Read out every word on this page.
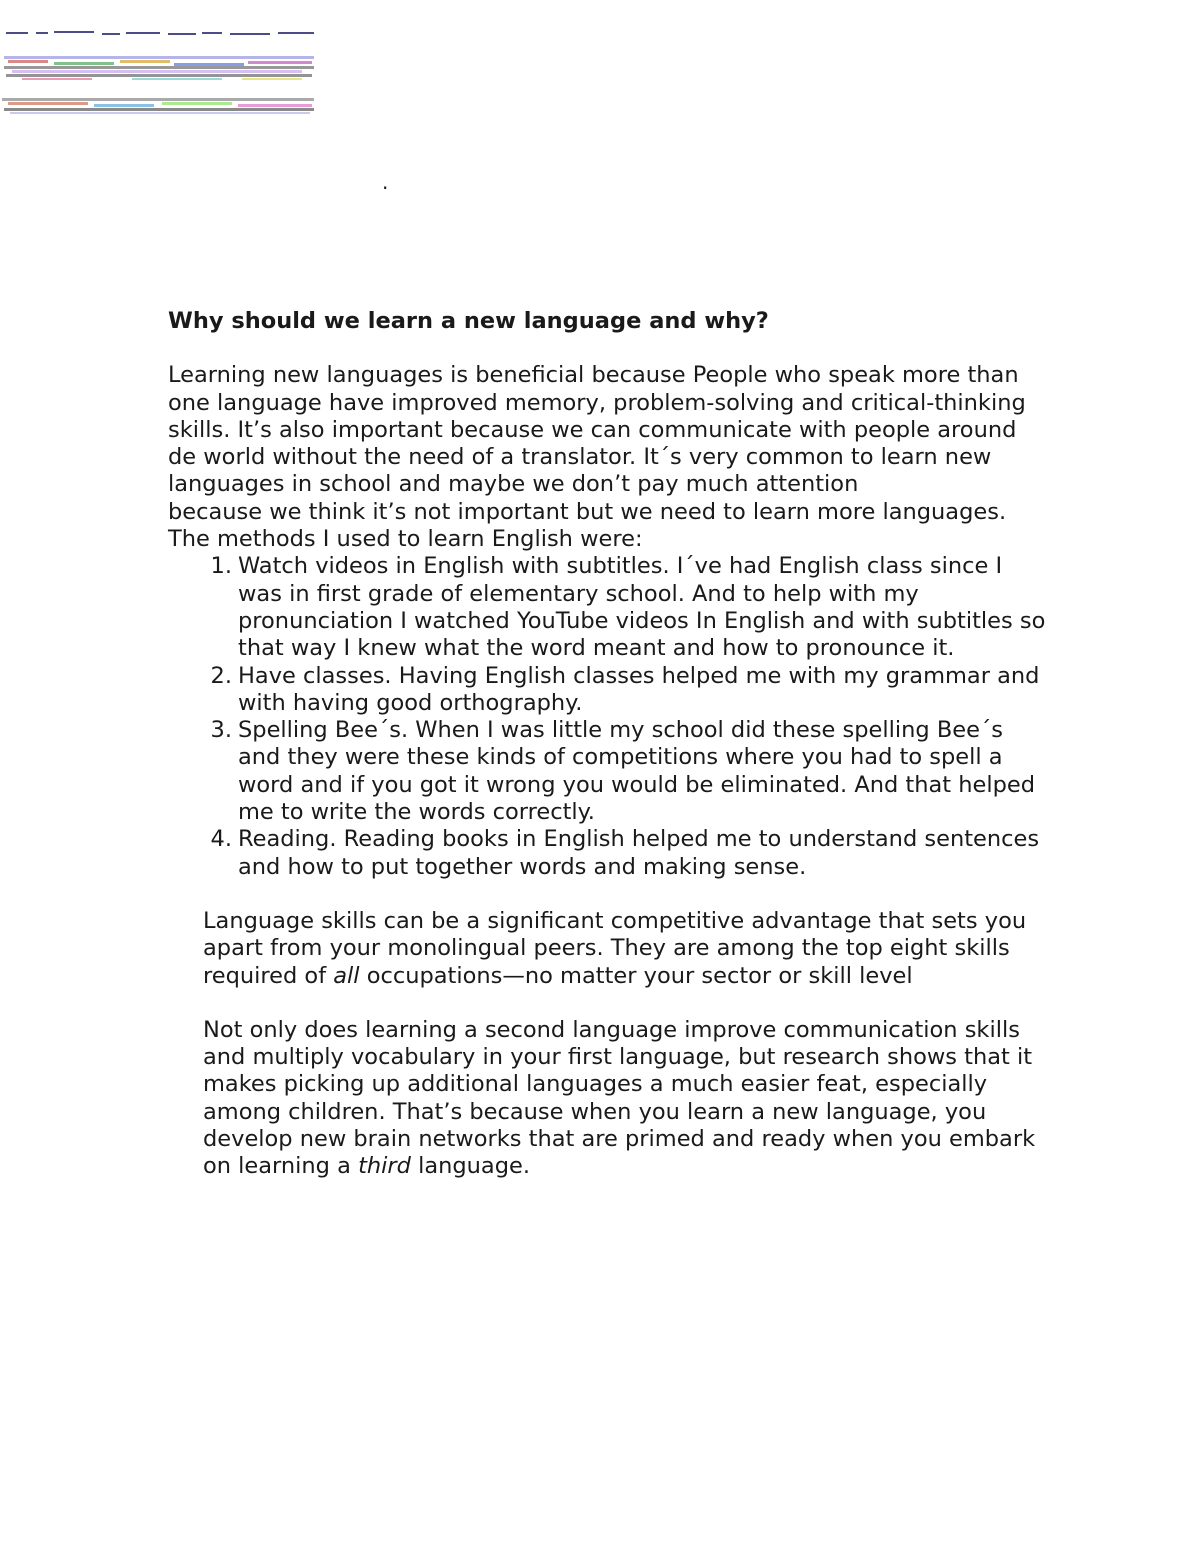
.
Why should we learn a new language and why?

Learning new languages is beneficial because People who speak more than one language have improved memory, problem-solving and critical-thinking skills. It’s also important because we can communicate with people around de world without the need of a translator. It´s very common to learn new languages in school and maybe we don’t pay much attention

because we think it’s not important but we need to learn more languages. The methods I used to learn English were:

1. Watch videos in English with subtitles. I´ve had English class since I was in first grade of elementary school. And to help with my pronunciation I watched YouTube videos In English and with subtitles so that way I knew what the word meant and how to pronounce it.
2. Have classes. Having English classes helped me with my grammar and with having good orthography.
3. Spelling Bee´s. When I was little my school did these spelling Bee´s and they were these kinds of competitions where you had to spell a word and if you got it wrong you would be eliminated. And that helped me to write the words correctly.
4. Reading. Reading books in English helped me to understand sentences and how to put together words and making sense.

Language skills can be a significant competitive advantage that sets you apart from your monolingual peers. They are among the top eight skills required of all occupations—no matter your sector or skill level

Not only does learning a second language improve communication skills and multiply vocabulary in your first language, but research shows that it makes picking up additional languages a much easier feat, especially among children. That’s because when you learn a new language, you develop new brain networks that are primed and ready when you embark on learning a third language.
